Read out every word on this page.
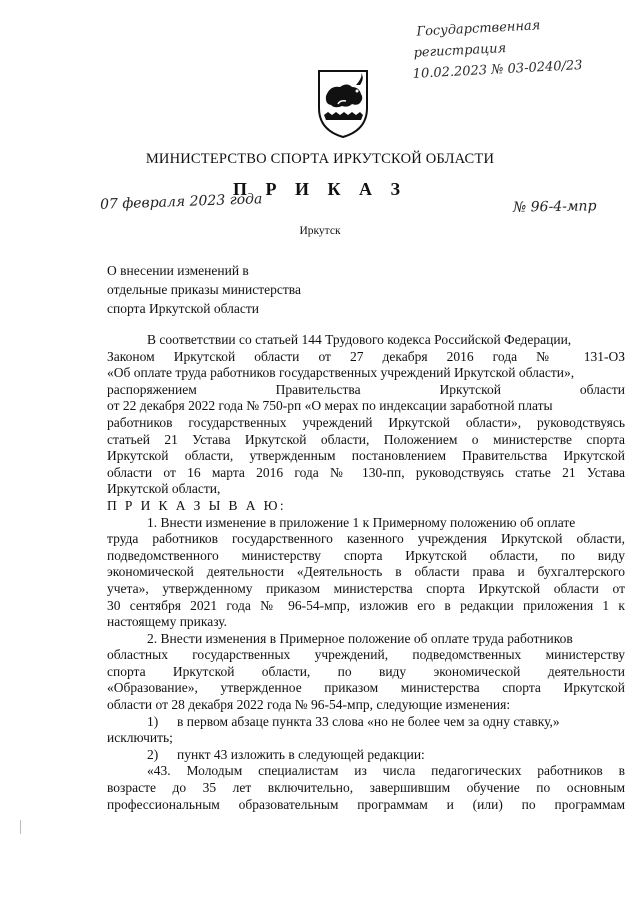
Государственная
регистрация
10.02.2023 № 03-0240/23
МИНИСТЕРСТВО СПОРТА ИРКУТСКОЙ ОБЛАСТИ
П Р И К А З
07 февраля 2023 года	№ 96-4-мпр
Иркутск
О внесении изменений в
отдельные приказы министерства
спорта Иркутской области

В соответствии со статьей 144 Трудового кодекса Российской Федерации,

Законом Иркутской области от 27 декабря 2016 года № 131-ОЗ

«Об оплате труда работников государственных учреждений Иркутской области»,

распоряжением Правительства Иркутской области

от 22 декабря 2022 года № 750-рп «О мерах по индексации заработной платы

работников государственных учреждений Иркутской области», руководствуясь

статьей 21 Устава Иркутской области, Положением о министерстве спорта

Иркутской области, утвержденным постановлением Правительства Иркутской

области от 16 марта 2016 года № 130-пп, руководствуясь статье 21 Устава

Иркутской области,

П Р И К А З Ы В А Ю:

1. Внести изменение в приложение 1 к Примерному положению об оплате

труда работников государственного казенного учреждения Иркутской области,

подведомственного министерству спорта Иркутской области, по виду

экономической деятельности «Деятельность в области права и бухгалтерского

учета», утвержденному приказом министерства спорта Иркутской области от

30 сентября 2021 года № 96-54-мпр, изложив его в редакции приложения 1 к

настоящему приказу.

2. Внести изменения в Примерное положение об оплате труда работников

областных государственных учреждений, подведомственных министерству

спорта Иркутской области, по виду экономической деятельности

«Образование», утвержденное приказом министерства спорта Иркутской

области от 28 декабря 2022 года № 96-54-мпр, следующие изменения:

1) в первом абзаце пункта 33 слова «но не более чем за одну ставку,»

исключить;

2) пункт 43 изложить в следующей редакции:

«43. Молодым специалистам из числа педагогических работников в

возрасте до 35 лет включительно, завершившим обучение по основным

профессиональным образовательным программам и (или) по программам
